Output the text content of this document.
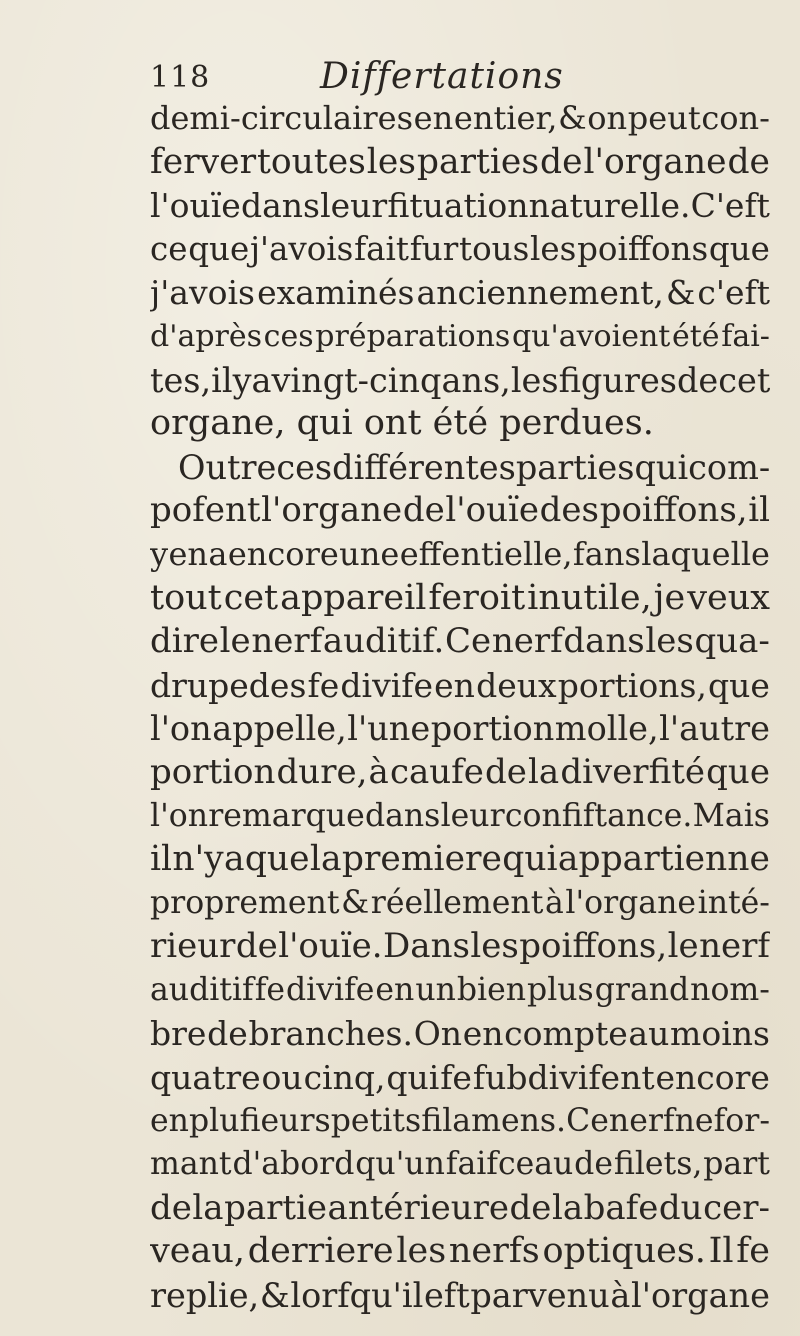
118	Differtations
demi-circulaires en entier, & on peut con-
ferver toutes les parties de l'organe de
l'ouïe dans leur fituation naturelle. C'eft
ce que j'avois fait fur tous les poiffons que
j'avois examinés anciennement, & c'eft
d'après ces préparations qu'avoient été fai-
tes, il y a vingt-cinq ans, les figures de cet
organe, qui ont été perdues.
Outre ces différentes parties qui com-
pofent l'organe de l'ouïe des poiffons, il
y en a encore une effentielle, fans laquelle
tout cet appareil feroit inutile, je veux
dire le nerf auditif. Ce nerf dans les qua-
drupedes fe divife en deux portions, que
l'on appelle, l'une portion molle, l'autre
portion dure, à caufe de la diverfité que
l'on remarque dans leur confiftance. Mais
il n'y a que la premiere qui appartienne
proprement & réellement à l'organe inté-
rieur de l'ouïe. Dans les poiffons, le nerf
auditif fe divife en un bien plus grand nom-
bre de branches. On en compte au moins
quatre ou cinq, qui fe fubdivifent encore
en plufieurs petits filamens. Ce nerf ne for-
mant d'abord qu'un faifceau de filets, part
de la partie antérieure de la bafe du cer-
veau, derriere les nerfs optiques. Il fe
replie, & lorfqu'il eft parvenu à l'organe
